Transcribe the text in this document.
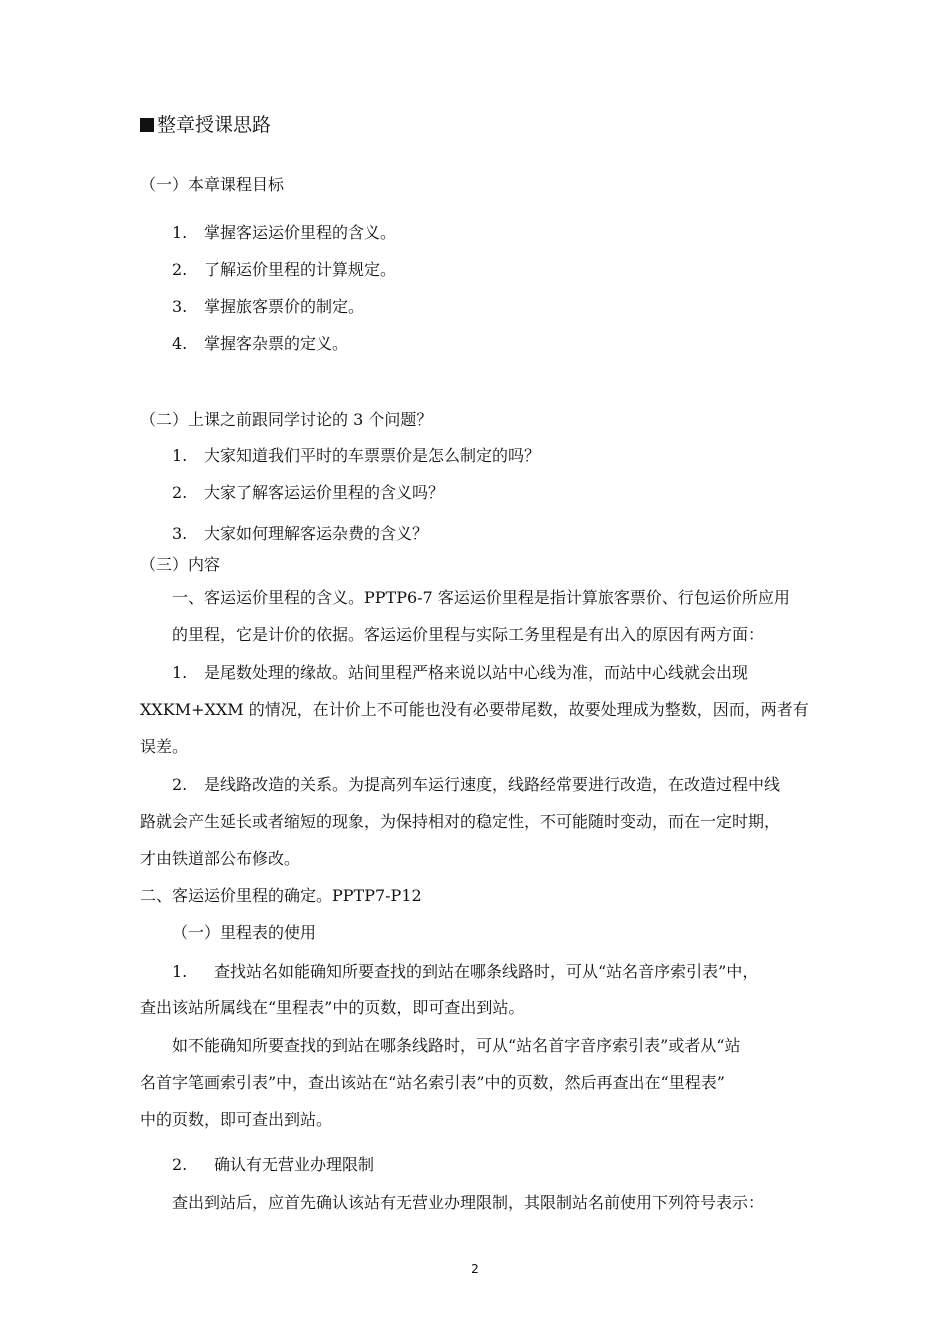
整章授课思路
（一）本章课程目标
1. 掌握客运运价里程的含义。
2. 了解运价里程的计算规定。
3. 掌握旅客票价的制定。
4. 掌握客杂票的定义。
（二）上课之前跟同学讨论的 3 个问题？
1. 大家知道我们平时的车票票价是怎么制定的吗？
2. 大家了解客运运价里程的含义吗？
3. 大家如何理解客运杂费的含义？
（三）内容
一、客运运价里程的含义。PPTP6-7 客运运价里程是指计算旅客票价、行包运价所应用
的里程，它是计价的依据。客运运价里程与实际工务里程是有出入的原因有两方面：
1. 是尾数处理的缘故。站间里程严格来说以站中心线为准，而站中心线就会出现
XXKM+XXM 的情况，在计价上不可能也没有必要带尾数，故要处理成为整数，因而，两者有
误差。
2. 是线路改造的关系。为提高列车运行速度，线路经常要进行改造，在改造过程中线
路就会产生延长或者缩短的现象，为保持相对的稳定性，不可能随时变动，而在一定时期，
才由铁道部公布修改。
二、客运运价里程的确定。PPTP7-P12
（一）里程表的使用
1. 查找站名如能确知所要查找的到站在哪条线路时，可从“站名音序索引表”中，
查出该站所属线在“里程表”中的页数，即可查出到站。
如不能确知所要查找的到站在哪条线路时，可从“站名首字音序索引表”或者从“站
名首字笔画索引表”中，查出该站在“站名索引表”中的页数，然后再查出在“里程表”
中的页数，即可查出到站。
2. 确认有无营业办理限制
查出到站后，应首先确认该站有无营业办理限制，其限制站名前使用下列符号表示：
2
